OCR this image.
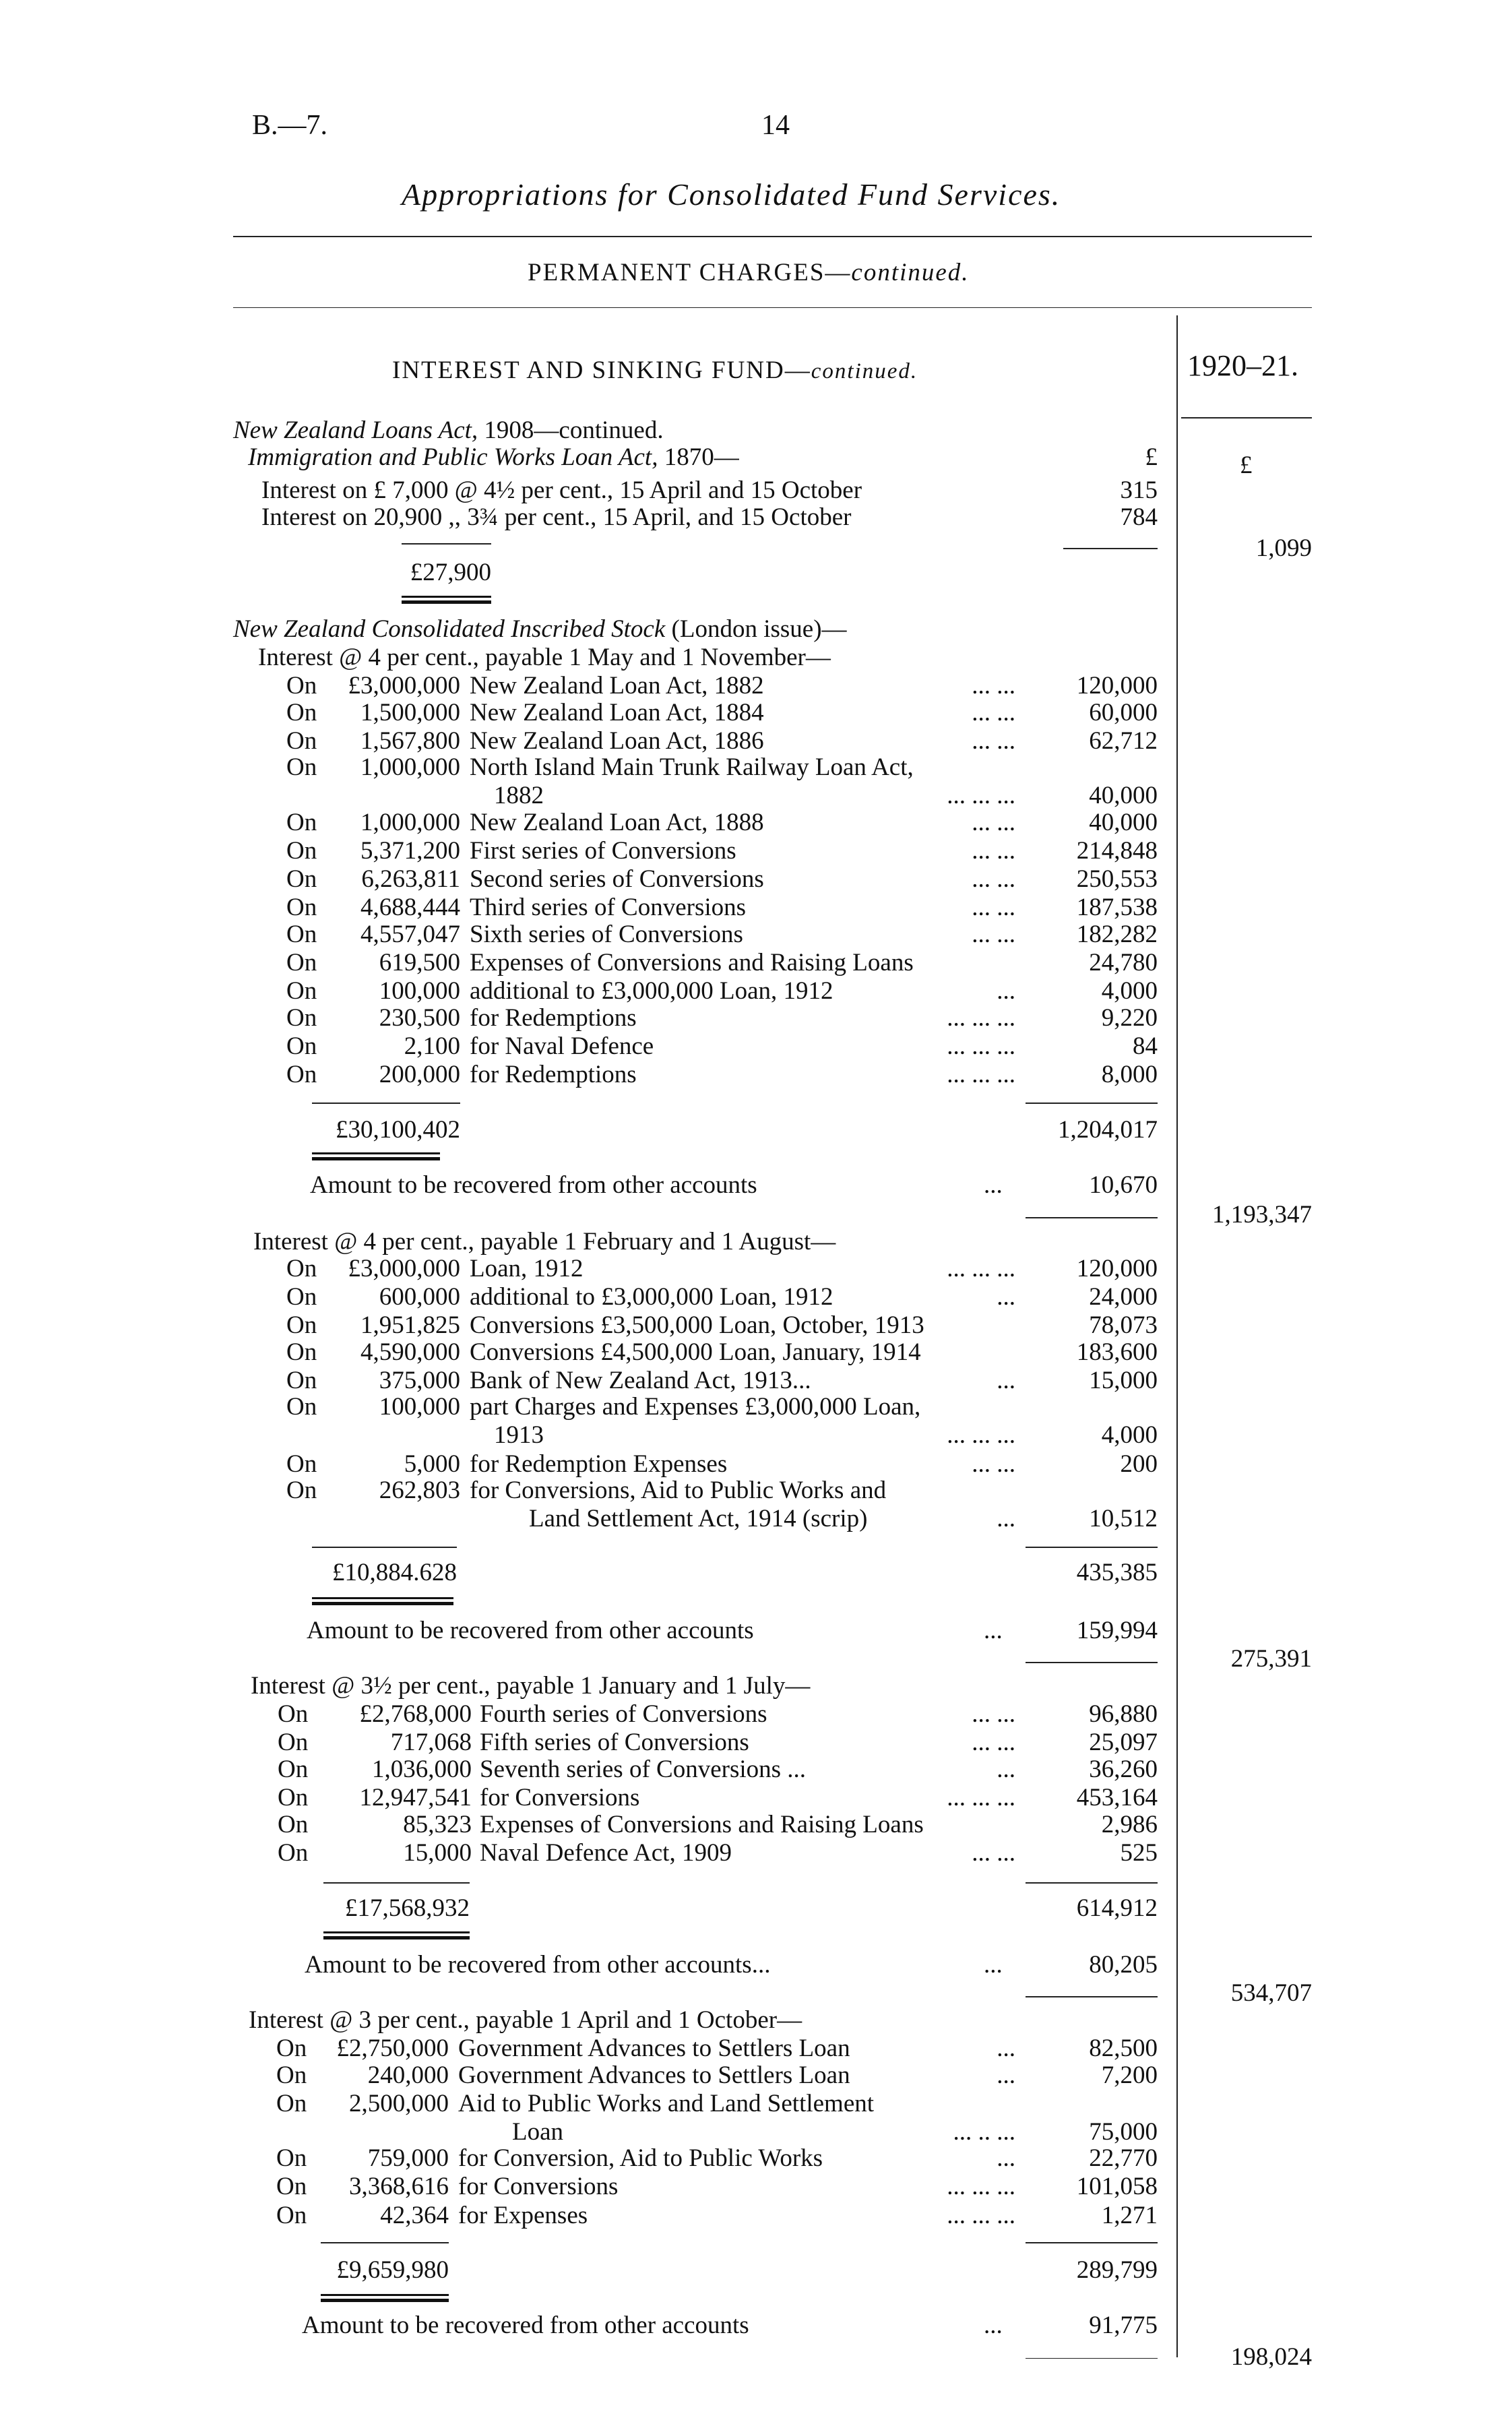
B.—7.	14
Appropriations for Consolidated Fund Services.
PERMANENT CHARGES—continued.
INTEREST AND SINKING FUND—continued.	1920–21.
£
New Zealand Loans Act, 1908—continued.
Immigration and Public Works Loan Act, 1870—	£
Interest on £ 7,000 @ 4½ per cent., 15 April and 15 October	315
Interest on 20,900 ,, 3¾ per cent., 15 April, and 15 October	784
1,099
£27,900
New Zealand Consolidated Inscribed Stock (London issue)—
Interest @ 4 per cent., payable 1 May and 1 November—
On	£3,000,000 New Zealand Loan Act, 1882	... ...	120,000
On	1,500,000 New Zealand Loan Act, 1884	... ...	60,000
On	1,567,800 New Zealand Loan Act, 1886	... ...	62,712
On	1,000,000 North Island Main Trunk Railway Loan Act,
1882	... ... ...	40,000
On	1,000,000 New Zealand Loan Act, 1888	... ...	40,000
On	5,371,200 First series of Conversions	... ...	214,848
On	6,263,811 Second series of Conversions	... ...	250,553
On	4,688,444 Third series of Conversions	... ...	187,538
On	4,557,047 Sixth series of Conversions	... ...	182,282
On	619,500 Expenses of Conversions and Raising Loans	24,780
On	100,000 additional to £3,000,000 Loan, 1912	...	4,000
On	230,500 for Redemptions	... ... ...	9,220
On	2,100 for Naval Defence	... ... ...	84
On	200,000 for Redemptions	... ... ...	8,000
£30,100,402	1,204,017
Amount to be recovered from other accounts	...	10,670
1,193,347
Interest @ 4 per cent., payable 1 February and 1 August—
On	£3,000,000 Loan, 1912	... ... ...	120,000
On	600,000 additional to £3,000,000 Loan, 1912	...	24,000
On	1,951,825 Conversions £3,500,000 Loan, October, 1913	78,073
On	4,590,000 Conversions £4,500,000 Loan, January, 1914	183,600
On	375,000 Bank of New Zealand Act, 1913...	...	15,000
On	100,000 part Charges and Expenses £3,000,000 Loan,
1913	... ... ...	4,000
On	5,000 for Redemption Expenses	... ...	200
On	262,803 for Conversions, Aid to Public Works and
Land Settlement Act, 1914 (scrip)	...	10,512
£10,884.628	435,385
Amount to be recovered from other accounts	...	159,994
275,391
Interest @ 3½ per cent., payable 1 January and 1 July—
On	£2,768,000 Fourth series of Conversions	... ...	96,880
On	717,068 Fifth series of Conversions	... ...	25,097
On	1,036,000 Seventh series of Conversions ...	...	36,260
On	12,947,541 for Conversions	... ... ...	453,164
On	85,323 Expenses of Conversions and Raising Loans	2,986
On	15,000 Naval Defence Act, 1909	... ...	525
£17,568,932	614,912
Amount to be recovered from other accounts...	...	80,205
534,707
Interest @ 3 per cent., payable 1 April and 1 October—
On	£2,750,000 Government Advances to Settlers Loan	...	82,500
On	240,000 Government Advances to Settlers Loan	...	7,200
On	2,500,000 Aid to Public Works and Land Settlement
Loan	... .. ...	75,000
On	759,000 for Conversion, Aid to Public Works	...	22,770
On	3,368,616 for Conversions	... ... ...	101,058
On	42,364 for Expenses	... ... ...	1,271
£9,659,980	289,799
Amount to be recovered from other accounts	...	91,775
198,024
